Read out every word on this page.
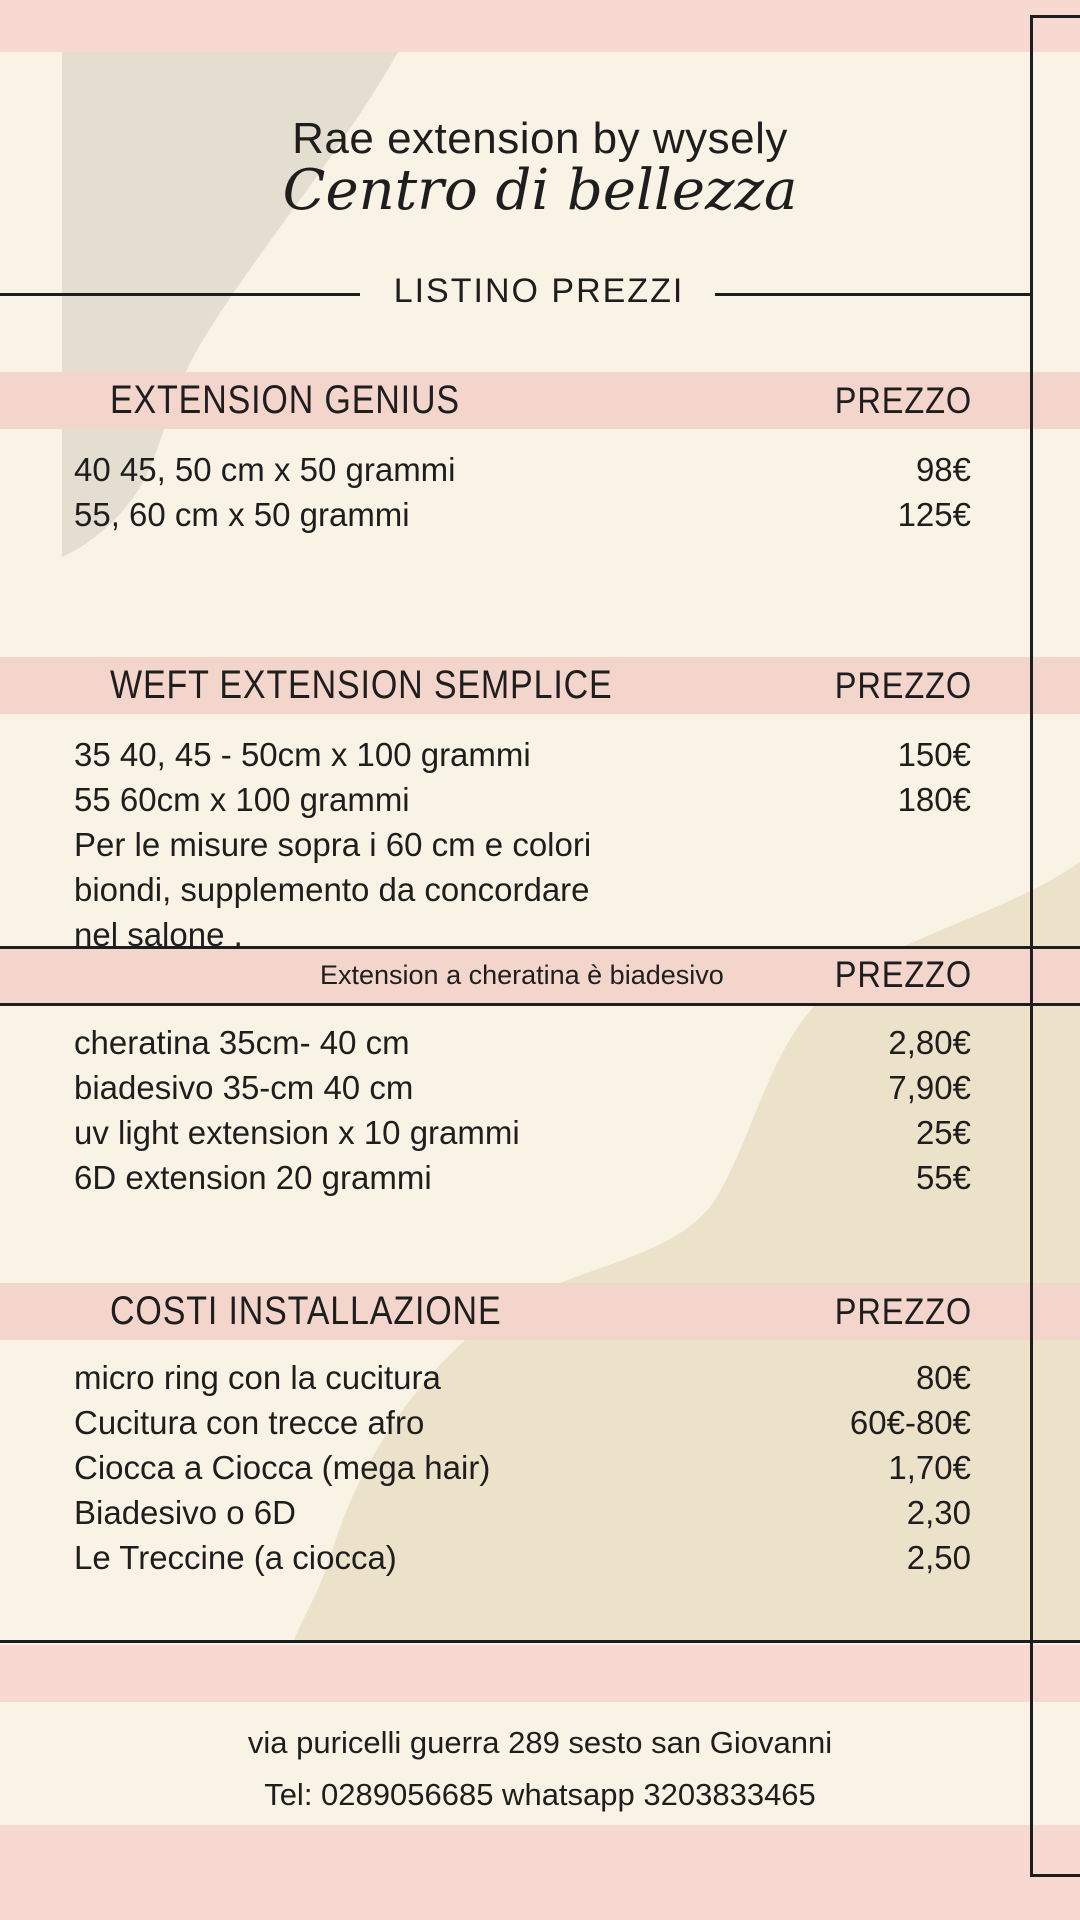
Rae extension by wysely
Centro di bellezza
LISTINO PREZZI
EXTENSION GENIUS	PREZZO
40 45, 50 cm x 50 grammi	98€
55, 60 cm x 50 grammi	125€
WEFT EXTENSION SEMPLICE	PREZZO
35 40, 45 - 50cm x 100 grammi	150€
55 60cm x 100 grammi	180€
Per le misure sopra i 60 cm e colori
biondi, supplemento da concordare
nel salone .
Extension a cheratina è biadesivo	PREZZO
cheratina 35cm- 40 cm	2,80€
biadesivo 35-cm 40 cm	7,90€
uv light extension x 10 grammi	25€
6D extension 20 grammi	55€
COSTI INSTALLAZIONE	PREZZO
micro ring con la cucitura	80€
Cucitura con trecce afro	60€-80€
Ciocca a Ciocca (mega hair)	1,70€
Biadesivo o 6D	2,30
Le Treccine (a ciocca)	2,50
via puricelli guerra 289 sesto san Giovanni
Tel: 0289056685 whatsapp 3203833465
